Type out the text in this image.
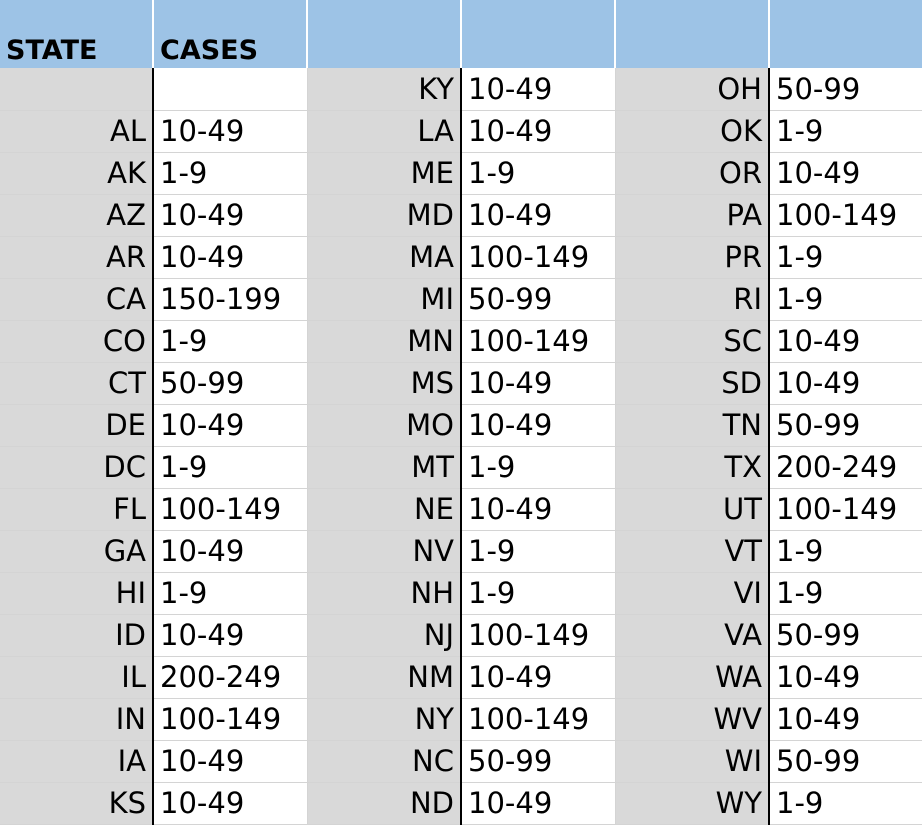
STATE	CASES				
		KY	10-49	OH	50-99
AL	10-49	LA	10-49	OK	1-9
AK	1-9	ME	1-9	OR	10-49
AZ	10-49	MD	10-49	PA	100-149
AR	10-49	MA	100-149	PR	1-9
CA	150-199	MI	50-99	RI	1-9
CO	1-9	MN	100-149	SC	10-49
CT	50-99	MS	10-49	SD	10-49
DE	10-49	MO	10-49	TN	50-99
DC	1-9	MT	1-9	TX	200-249
FL	100-149	NE	10-49	UT	100-149
GA	10-49	NV	1-9	VT	1-9
HI	1-9	NH	1-9	VI	1-9
ID	10-49	NJ	100-149	VA	50-99
IL	200-249	NM	10-49	WA	10-49
IN	100-149	NY	100-149	WV	10-49
IA	10-49	NC	50-99	WI	50-99
KS	10-49	ND	10-49	WY	1-9
